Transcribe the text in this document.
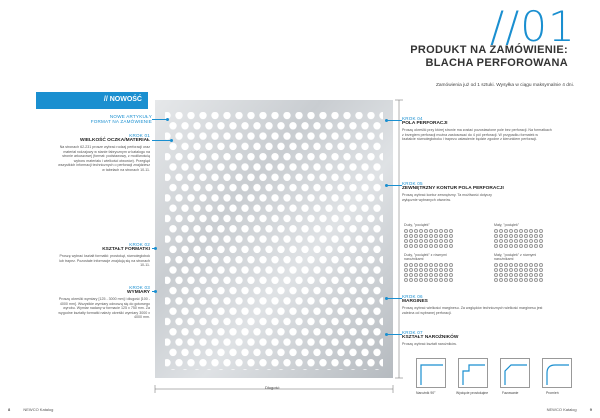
//01
PRODUKT NA ZAMÓWIENIE:
BLACHA PERFOROWANA
Zamówienia już od 1 sztuki. Wysyłka w ciągu maksymalnie 4 dni.
// NOWOŚĆ
NOWE ARTYKUŁY
FORMAT NA ZAMÓWIENIE
KROK 01
WIELKOŚĆ OCZKA/MATERIAŁ
Na stronach 62-231 prosze wybrać rodzaj perforacji oraz materiał rodzajowy w stanie fabrycznym w katalogu na stronie arkuszowej (format: podstawowy, z możliwością wyboru materiału i wielkości otworów). Przegląd wszystkich informacji technicznych o perforacji znajdziesz w tabelach na stronach 10-11.
KROK 02
KSZTAŁT FORMATKI
Proszę wybrać kształt formatki: prostokąt, równoległobok lub trapez. Pozostałe informacje znajdują się na stronach 10-11.
KROK 03
WYMIARY
Proszę określić wymiary [125 - 3000 mm] i długość [100 - 4000 mm]. Wszystkie wymiary odnoszą się do gotowego wyrobu. Wymiar nadany w formacie 125 x 750 mm. Za wygodne kształty formatki należy określić wymiary 3000 x 4000 mm.
Długość
KROK 04
POLA PERFORACJI
Proszę określić przy której stronie ma zostać pozostawione pole bez perforacji. Na formatkach z brzegiem perforacji można zastosować do 4 pól perforacji. W przypadku formatek w kształcie równoległoboku i trapezu ustawienie będzie zgodne z kierunkiem perforacji.
KROK 05
ZEWNĘTRZNY KONTUR POLA PERFORACJI
Proszę wybrać kontur zewnętrzny. Ta możliwość dotyczy wyłącznie wybranych otworów.
Duży, "pociąłek"	Mały, "pociąłek"
Duży, "pociąłek" z równymi narożnikami
Mały, "pociąłek" z równymi narożnikami
KROK 06
MARGINES
Proszę wybrać wielkości marginesu. Za względów technicznych wielkość marginesu jest zależna od wybranej perforacji.
KROK 07
KSZTAŁT NAROŻNIKÓW
Proszę wybrać kształt narożników.
Narożnik 90°	Wycięcie prostokątne	Fazowanie	Promień
8	NEWCO Katalog	NEWCO Katalog	9
